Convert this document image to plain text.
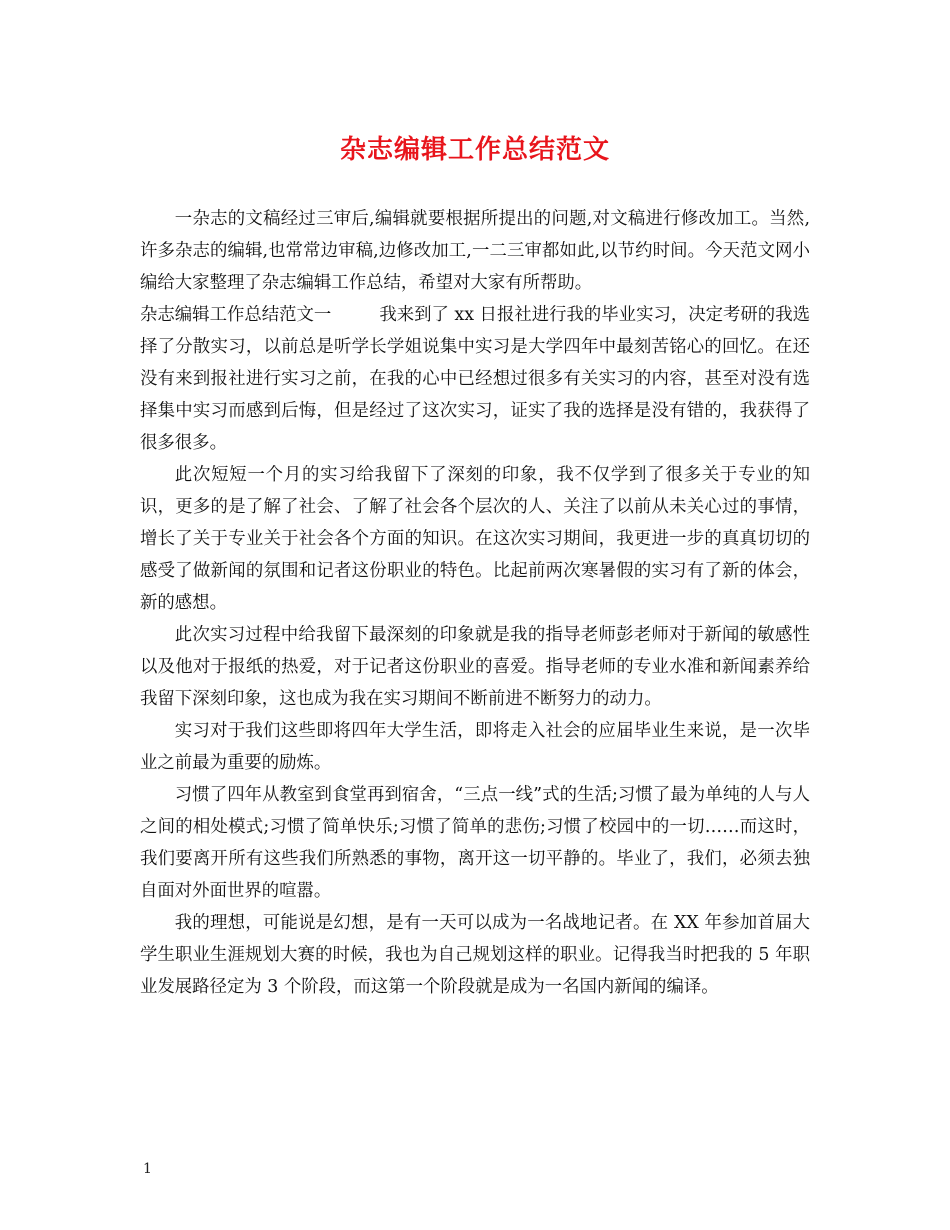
杂志编辑工作总结范文

一杂志的文稿经过三审后,编辑就要根据所提出的问题,对文稿进行修改加工。当然,许多杂志的编辑,也常常边审稿,边修改加工,一二三审都如此,以节约时间。今天范文网小编给大家整理了杂志编辑工作总结，希望对大家有所帮助。

杂志编辑工作总结范文一	我来到了 xx 日报社进行我的毕业实习，决定考研的我选择了分散实习，以前总是听学长学姐说集中实习是大学四年中最刻苦铭心的回忆。在还没有来到报社进行实习之前，在我的心中已经想过很多有关实习的内容，甚至对没有选择集中实习而感到后悔，但是经过了这次实习，证实了我的选择是没有错的，我获得了很多很多。

此次短短一个月的实习给我留下了深刻的印象，我不仅学到了很多关于专业的知识，更多的是了解了社会、了解了社会各个层次的人、关注了以前从未关心过的事情，增长了关于专业关于社会各个方面的知识。在这次实习期间，我更进一步的真真切切的感受了做新闻的氛围和记者这份职业的特色。比起前两次寒暑假的实习有了新的体会，新的感想。

此次实习过程中给我留下最深刻的印象就是我的指导老师彭老师对于新闻的敏感性以及他对于报纸的热爱，对于记者这份职业的喜爱。指导老师的专业水准和新闻素养给我留下深刻印象，这也成为我在实习期间不断前进不断努力的动力。

实习对于我们这些即将四年大学生活，即将走入社会的应届毕业生来说，是一次毕业之前最为重要的励炼。

习惯了四年从教室到食堂再到宿舍，“三点一线”式的生活;习惯了最为单纯的人与人之间的相处模式;习惯了简单快乐;习惯了简单的悲伤;习惯了校园中的一切……而这时，我们要离开所有这些我们所熟悉的事物，离开这一切平静的。毕业了，我们，必须去独自面对外面世界的喧嚣。

我的理想，可能说是幻想，是有一天可以成为一名战地记者。在 XX 年参加首届大学生职业生涯规划大赛的时候，我也为自己规划这样的职业。记得我当时把我的 5 年职业发展路径定为 3 个阶段，而这第一个阶段就是成为一名国内新闻的编译。

1
